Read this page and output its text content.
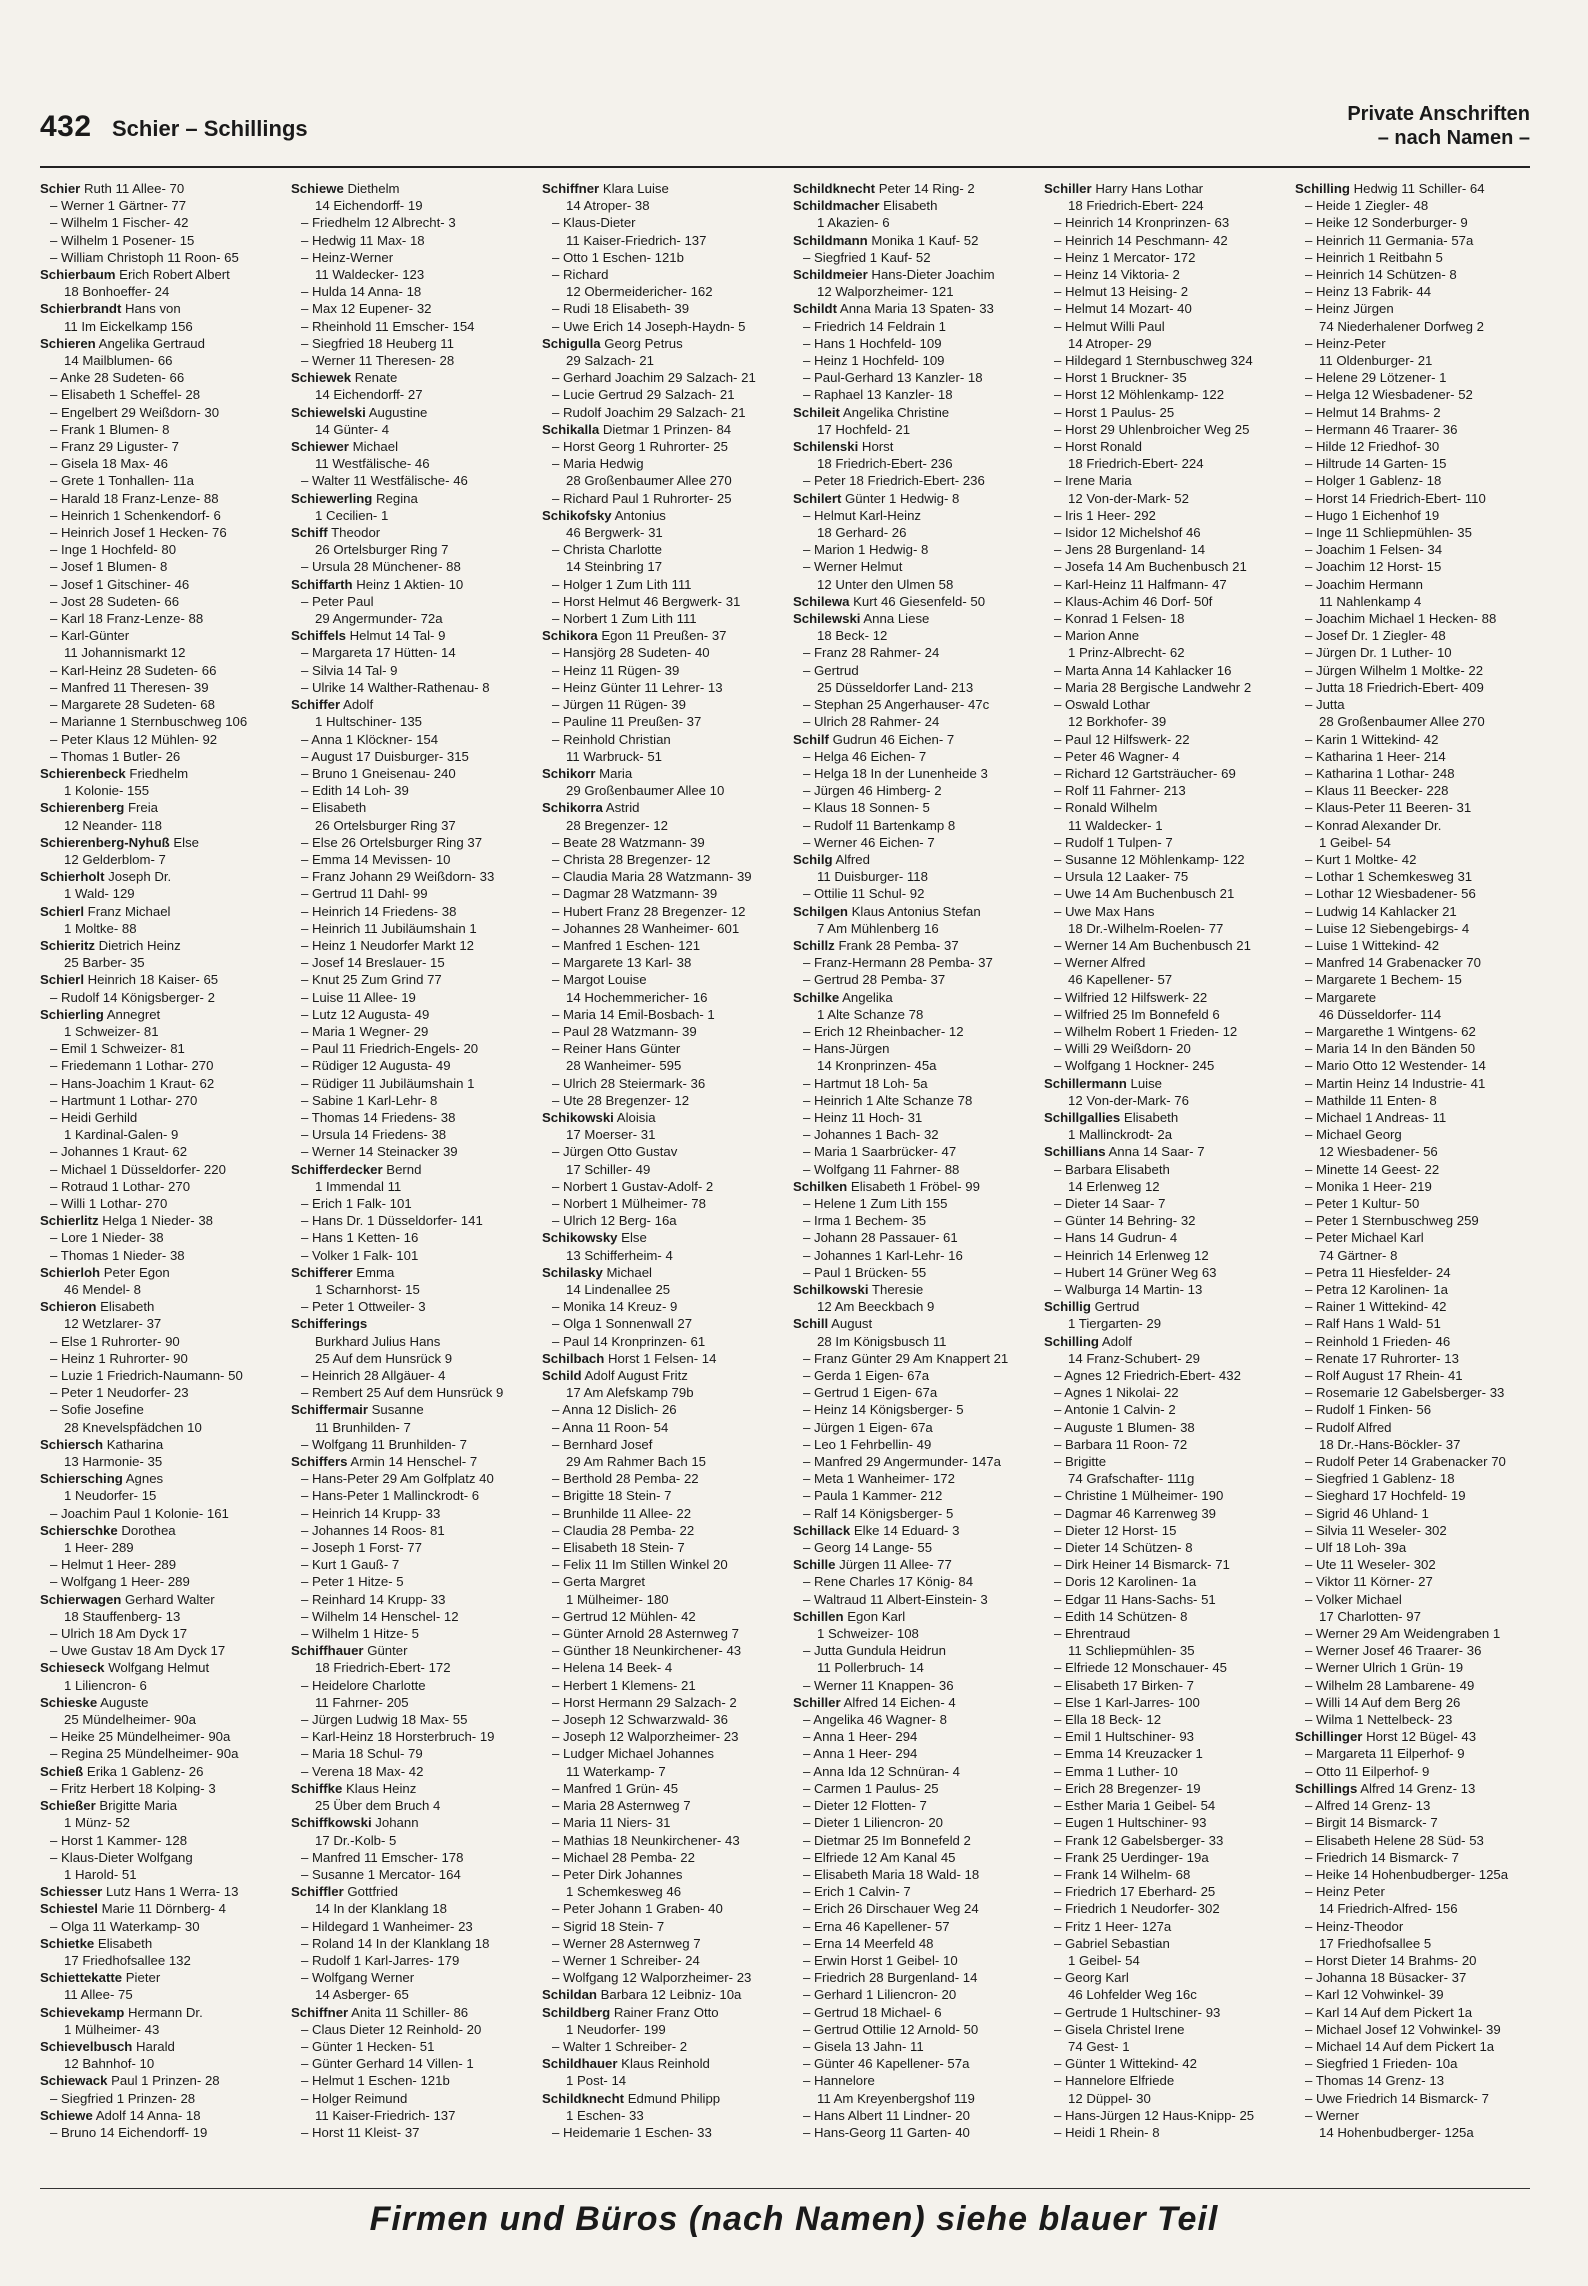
432 Schier – Schillings
Private Anschriften
– nach Namen –
Schier Ruth 11 Allee- 70
– Werner 1 Gärtner- 77
– Wilhelm 1 Fischer- 42
– Wilhelm 1 Posener- 15
– William Christoph 11 Roon- 65
Schierbaum Erich Robert Albert
18 Bonhoeffer- 24
Schierbrandt Hans von
11 Im Eickelkamp 156
Schieren Angelika Gertraud
14 Mailblumen- 66
– Anke 28 Sudeten- 66
– Elisabeth 1 Scheffel- 28
– Engelbert 29 Weißdorn- 30
– Frank 1 Blumen- 8
– Franz 29 Liguster- 7
– Gisela 18 Max- 46
– Grete 1 Tonhallen- 11a
– Harald 18 Franz-Lenze- 88
– Heinrich 1 Schenkendorf- 6
– Heinrich Josef 1 Hecken- 76
– Inge 1 Hochfeld- 80
– Josef 1 Blumen- 8
– Josef 1 Gitschiner- 46
– Jost 28 Sudeten- 66
– Karl 18 Franz-Lenze- 88
– Karl-Günter
11 Johannismarkt 12
– Karl-Heinz 28 Sudeten- 66
– Manfred 11 Theresen- 39
– Margarete 28 Sudeten- 68
– Marianne 1 Sternbuschweg 106
– Peter Klaus 12 Mühlen- 92
– Thomas 1 Butler- 26
Schierenbeck Friedhelm
1 Kolonie- 155
Schierenberg Freia
12 Neander- 118
Schierenberg-Nyhuß Else
12 Gelderblom- 7
Schierholt Joseph Dr.
1 Wald- 129
Schierl Franz Michael
1 Moltke- 88
Schieritz Dietrich Heinz
25 Barber- 35
Schierl Heinrich 18 Kaiser- 65
– Rudolf 14 Königsberger- 2
Schierling Annegret
1 Schweizer- 81
– Emil 1 Schweizer- 81
– Friedemann 1 Lothar- 270
– Hans-Joachim 1 Kraut- 62
– Hartmunt 1 Lothar- 270
– Heidi Gerhild
1 Kardinal-Galen- 9
– Johannes 1 Kraut- 62
– Michael 1 Düsseldorfer- 220
– Rotraud 1 Lothar- 270
– Willi 1 Lothar- 270
Schierlitz Helga 1 Nieder- 38
– Lore 1 Nieder- 38
– Thomas 1 Nieder- 38
Schierloh Peter Egon
46 Mendel- 8
Schieron Elisabeth
12 Wetzlarer- 37
– Else 1 Ruhrorter- 90
– Heinz 1 Ruhrorter- 90
– Luzie 1 Friedrich-Naumann- 50
– Peter 1 Neudorfer- 23
– Sofie Josefine
28 Knevelspfädchen 10
Schiersch Katharina
13 Harmonie- 35
Schiersching Agnes
1 Neudorfer- 15
– Joachim Paul 1 Kolonie- 161
Schierschke Dorothea
1 Heer- 289
– Helmut 1 Heer- 289
– Wolfgang 1 Heer- 289
Schierwagen Gerhard Walter
18 Stauffenberg- 13
– Ulrich 18 Am Dyck 17
– Uwe Gustav 18 Am Dyck 17
Schieseck Wolfgang Helmut
1 Liliencron- 6
Schieske Auguste
25 Mündelheimer- 90a
– Heike 25 Mündelheimer- 90a
– Regina 25 Mündelheimer- 90a
Schieß Erika 1 Gablenz- 26
– Fritz Herbert 18 Kolping- 3
Schießer Brigitte Maria
1 Münz- 52
– Horst 1 Kammer- 128
– Klaus-Dieter Wolfgang
1 Harold- 51
Schiesser Lutz Hans 1 Werra- 13
Schiestel Marie 11 Dörnberg- 4
– Olga 11 Waterkamp- 30
Schietke Elisabeth
17 Friedhofsallee 132
Schiettekatte Pieter
11 Allee- 75
Schievekamp Hermann Dr.
1 Mülheimer- 43
Schievelbusch Harald
12 Bahnhof- 10
Schiewack Paul 1 Prinzen- 28
– Siegfried 1 Prinzen- 28
Schiewe Adolf 14 Anna- 18
– Bruno 14 Eichendorff- 19
Schiewe Diethelm
14 Eichendorff- 19
– Friedhelm 12 Albrecht- 3
– Hedwig 11 Max- 18
– Heinz-Werner
11 Waldecker- 123
– Hulda 14 Anna- 18
– Max 12 Eupener- 32
– Rheinhold 11 Emscher- 154
– Siegfried 18 Heuberg 11
– Werner 11 Theresen- 28
Schiewek Renate
14 Eichendorff- 27
Schiewelski Augustine
14 Günter- 4
Schiewer Michael
11 Westfälische- 46
– Walter 11 Westfälische- 46
Schiewerling Regina
1 Cecilien- 1
Schiff Theodor
26 Ortelsburger Ring 7
– Ursula 28 Münchener- 88
Schiffarth Heinz 1 Aktien- 10
– Peter Paul
29 Angermunder- 72a
Schiffels Helmut 14 Tal- 9
– Margareta 17 Hütten- 14
– Silvia 14 Tal- 9
– Ulrike 14 Walther-Rathenau- 8
Schiffer Adolf
1 Hultschiner- 135
– Anna 1 Klöckner- 154
– August 17 Duisburger- 315
– Bruno 1 Gneisenau- 240
– Edith 14 Loh- 39
– Elisabeth
26 Ortelsburger Ring 37
– Else 26 Ortelsburger Ring 37
– Emma 14 Mevissen- 10
– Franz Johann 29 Weißdorn- 33
– Gertrud 11 Dahl- 99
– Heinrich 14 Friedens- 38
– Heinrich 11 Jubiläumshain 1
– Heinz 1 Neudorfer Markt 12
– Josef 14 Breslauer- 15
– Knut 25 Zum Grind 77
– Luise 11 Allee- 19
– Lutz 12 Augusta- 49
– Maria 1 Wegner- 29
– Paul 11 Friedrich-Engels- 20
– Rüdiger 12 Augusta- 49
– Rüdiger 11 Jubiläumshain 1
– Sabine 1 Karl-Lehr- 8
– Thomas 14 Friedens- 38
– Ursula 14 Friedens- 38
– Werner 14 Steinacker 39
Schifferdecker Bernd
1 Immendal 11
– Erich 1 Falk- 101
– Hans Dr. 1 Düsseldorfer- 141
– Hans 1 Ketten- 16
– Volker 1 Falk- 101
Schifferer Emma
1 Scharnhorst- 15
– Peter 1 Ottweiler- 3
Schifferings
Burkhard Julius Hans
25 Auf dem Hunsrück 9
– Heinrich 28 Allgäuer- 4
– Rembert 25 Auf dem Hunsrück 9
Schiffermair Susanne
11 Brunhilden- 7
– Wolfgang 11 Brunhilden- 7
Schiffers Armin 14 Henschel- 7
– Hans-Peter 29 Am Golfplatz 40
– Hans-Peter 1 Mallinckrodt- 6
– Heinrich 14 Krupp- 33
– Johannes 14 Roos- 81
– Joseph 1 Forst- 77
– Kurt 1 Gauß- 7
– Peter 1 Hitze- 5
– Reinhard 14 Krupp- 33
– Wilhelm 14 Henschel- 12
– Wilhelm 1 Hitze- 5
Schiffhauer Günter
18 Friedrich-Ebert- 172
– Heidelore Charlotte
11 Fahrner- 205
– Jürgen Ludwig 18 Max- 55
– Karl-Heinz 18 Horsterbruch- 19
– Maria 18 Schul- 79
– Verena 18 Max- 42
Schiffke Klaus Heinz
25 Über dem Bruch 4
Schiffkowski Johann
17 Dr.-Kolb- 5
– Manfred 11 Emscher- 178
– Susanne 1 Mercator- 164
Schiffler Gottfried
14 In der Klanklang 18
– Hildegard 1 Wanheimer- 23
– Roland 14 In der Klanklang 18
– Rudolf 1 Karl-Jarres- 179
– Wolfgang Werner
14 Asberger- 65
Schiffner Anita 11 Schiller- 86
– Claus Dieter 12 Reinhold- 20
– Günter 1 Hecken- 51
– Günter Gerhard 14 Villen- 1
– Helmut 1 Eschen- 121b
– Holger Reimund
11 Kaiser-Friedrich- 137
– Horst 11 Kleist- 37
Schiffner Klara Luise
14 Atroper- 38
– Klaus-Dieter
11 Kaiser-Friedrich- 137
– Otto 1 Eschen- 121b
– Richard
12 Obermeidericher- 162
– Rudi 18 Elisabeth- 39
– Uwe Erich 14 Joseph-Haydn- 5
Schigulla Georg Petrus
29 Salzach- 21
– Gerhard Joachim 29 Salzach- 21
– Lucie Gertrud 29 Salzach- 21
– Rudolf Joachim 29 Salzach- 21
Schikalla Dietmar 1 Prinzen- 84
– Horst Georg 1 Ruhrorter- 25
– Maria Hedwig
28 Großenbaumer Allee 270
– Richard Paul 1 Ruhrorter- 25
Schikofsky Antonius
46 Bergwerk- 31
– Christa Charlotte
14 Steinbring 17
– Holger 1 Zum Lith 111
– Horst Helmut 46 Bergwerk- 31
– Norbert 1 Zum Lith 111
Schikora Egon 11 Preußen- 37
– Hansjörg 28 Sudeten- 40
– Heinz 11 Rügen- 39
– Heinz Günter 11 Lehrer- 13
– Jürgen 11 Rügen- 39
– Pauline 11 Preußen- 37
– Reinhold Christian
11 Warbruck- 51
Schikorr Maria
29 Großenbaumer Allee 10
Schikorra Astrid
28 Bregenzer- 12
– Beate 28 Watzmann- 39
– Christa 28 Bregenzer- 12
– Claudia Maria 28 Watzmann- 39
– Dagmar 28 Watzmann- 39
– Hubert Franz 28 Bregenzer- 12
– Johannes 28 Wanheimer- 601
– Manfred 1 Eschen- 121
– Margarete 13 Karl- 38
– Margot Louise
14 Hochemmericher- 16
– Maria 14 Emil-Bosbach- 1
– Paul 28 Watzmann- 39
– Reiner Hans Günter
28 Wanheimer- 595
– Ulrich 28 Steiermark- 36
– Ute 28 Bregenzer- 12
Schikowski Aloisia
17 Moerser- 31
– Jürgen Otto Gustav
17 Schiller- 49
– Norbert 1 Gustav-Adolf- 2
– Norbert 1 Mülheimer- 78
– Ulrich 12 Berg- 16a
Schikowsky Else
13 Schifferheim- 4
Schilasky Michael
14 Lindenallee 25
– Monika 14 Kreuz- 9
– Olga 1 Sonnenwall 27
– Paul 14 Kronprinzen- 61
Schilbach Horst 1 Felsen- 14
Schild Adolf August Fritz
17 Am Alefskamp 79b
– Anna 12 Dislich- 26
– Anna 11 Roon- 54
– Bernhard Josef
29 Am Rahmer Bach 15
– Berthold 28 Pemba- 22
– Brigitte 18 Stein- 7
– Brunhilde 11 Allee- 22
– Claudia 28 Pemba- 22
– Elisabeth 18 Stein- 7
– Felix 11 Im Stillen Winkel 20
– Gerta Margret
1 Mülheimer- 180
– Gertrud 12 Mühlen- 42
– Günter Arnold 28 Asternweg 7
– Günther 18 Neunkirchener- 43
– Helena 14 Beek- 4
– Herbert 1 Klemens- 21
– Horst Hermann 29 Salzach- 2
– Joseph 12 Schwarzwald- 36
– Joseph 12 Walporzheimer- 23
– Ludger Michael Johannes
11 Waterkamp- 7
– Manfred 1 Grün- 45
– Maria 28 Asternweg 7
– Maria 11 Niers- 31
– Mathias 18 Neunkirchener- 43
– Michael 28 Pemba- 22
– Peter Dirk Johannes
1 Schemkesweg 46
– Peter Johann 1 Graben- 40
– Sigrid 18 Stein- 7
– Werner 28 Asternweg 7
– Werner 1 Schreiber- 24
– Wolfgang 12 Walporzheimer- 23
Schildan Barbara 12 Leibniz- 10a
Schildberg Rainer Franz Otto
1 Neudorfer- 199
– Walter 1 Schreiber- 2
Schildhauer Klaus Reinhold
1 Post- 14
Schildknecht Edmund Philipp
1 Eschen- 33
– Heidemarie 1 Eschen- 33
Schildknecht Peter 14 Ring- 2
Schildmacher Elisabeth
1 Akazien- 6
Schildmann Monika 1 Kauf- 52
– Siegfried 1 Kauf- 52
Schildmeier Hans-Dieter Joachim
12 Walporzheimer- 121
Schildt Anna Maria 13 Spaten- 33
– Friedrich 14 Feldrain 1
– Hans 1 Hochfeld- 109
– Heinz 1 Hochfeld- 109
– Paul-Gerhard 13 Kanzler- 18
– Raphael 13 Kanzler- 18
Schileit Angelika Christine
17 Hochfeld- 21
Schilenski Horst
18 Friedrich-Ebert- 236
– Peter 18 Friedrich-Ebert- 236
Schilert Günter 1 Hedwig- 8
– Helmut Karl-Heinz
18 Gerhard- 26
– Marion 1 Hedwig- 8
– Werner Helmut
12 Unter den Ulmen 58
Schilewa Kurt 46 Giesenfeld- 50
Schilewski Anna Liese
18 Beck- 12
– Franz 28 Rahmer- 24
– Gertrud
25 Düsseldorfer Land- 213
– Stephan 25 Angerhauser- 47c
– Ulrich 28 Rahmer- 24
Schilf Gudrun 46 Eichen- 7
– Helga 46 Eichen- 7
– Helga 18 In der Lunenheide 3
– Jürgen 46 Himberg- 2
– Klaus 18 Sonnen- 5
– Rudolf 11 Bartenkamp 8
– Werner 46 Eichen- 7
Schilg Alfred
11 Duisburger- 118
– Ottilie 11 Schul- 92
Schilgen Klaus Antonius Stefan
7 Am Mühlenberg 16
Schillz Frank 28 Pemba- 37
– Franz-Hermann 28 Pemba- 37
– Gertrud 28 Pemba- 37
Schilke Angelika
1 Alte Schanze 78
– Erich 12 Rheinbacher- 12
– Hans-Jürgen
14 Kronprinzen- 45a
– Hartmut 18 Loh- 5a
– Heinrich 1 Alte Schanze 78
– Heinz 11 Hoch- 31
– Johannes 1 Bach- 32
– Maria 1 Saarbrücker- 47
– Wolfgang 11 Fahrner- 88
Schilken Elisabeth 1 Fröbel- 99
– Helene 1 Zum Lith 155
– Irma 1 Bechem- 35
– Johann 28 Passauer- 61
– Johannes 1 Karl-Lehr- 16
– Paul 1 Brücken- 55
Schilkowski Theresie
12 Am Beeckbach 9
Schill August
28 Im Königsbusch 11
– Franz Günter 29 Am Knappert 21
– Gerda 1 Eigen- 67a
– Gertrud 1 Eigen- 67a
– Heinz 14 Königsberger- 5
– Jürgen 1 Eigen- 67a
– Leo 1 Fehrbellin- 49
– Manfred 29 Angermunder- 147a
– Meta 1 Wanheimer- 172
– Paula 1 Kammer- 212
– Ralf 14 Königsberger- 5
Schillack Elke 14 Eduard- 3
– Georg 14 Lange- 55
Schille Jürgen 11 Allee- 77
– Rene Charles 17 König- 84
– Waltraud 11 Albert-Einstein- 3
Schillen Egon Karl
1 Schweizer- 108
– Jutta Gundula Heidrun
11 Pollerbruch- 14
– Werner 11 Knappen- 36
Schiller Alfred 14 Eichen- 4
– Angelika 46 Wagner- 8
– Anna 1 Heer- 294
– Anna 1 Heer- 294
– Anna Ida 12 Schnüran- 4
– Carmen 1 Paulus- 25
– Dieter 12 Flotten- 7
– Dieter 1 Liliencron- 20
– Dietmar 25 Im Bonnefeld 2
– Elfriede 12 Am Kanal 45
– Elisabeth Maria 18 Wald- 18
– Erich 1 Calvin- 7
– Erich 26 Dirschauer Weg 24
– Erna 46 Kapellener- 57
– Erna 14 Meerfeld 48
– Erwin Horst 1 Geibel- 10
– Friedrich 28 Burgenland- 14
– Gerhard 1 Liliencron- 20
– Gertrud 18 Michael- 6
– Gertrud Ottilie 12 Arnold- 50
– Gisela 13 Jahn- 11
– Günter 46 Kapellener- 57a
– Hannelore
11 Am Kreyenbergshof 119
– Hans Albert 11 Lindner- 20
– Hans-Georg 11 Garten- 40
Schiller Harry Hans Lothar
18 Friedrich-Ebert- 224
– Heinrich 14 Kronprinzen- 63
– Heinrich 14 Peschmann- 42
– Heinz 1 Mercator- 172
– Heinz 14 Viktoria- 2
– Helmut 13 Heising- 2
– Helmut 14 Mozart- 40
– Helmut Willi Paul
14 Atroper- 29
– Hildegard 1 Sternbuschweg 324
– Horst 1 Bruckner- 35
– Horst 12 Möhlenkamp- 122
– Horst 1 Paulus- 25
– Horst 29 Uhlenbroicher Weg 25
– Horst Ronald
18 Friedrich-Ebert- 224
– Irene Maria
12 Von-der-Mark- 52
– Iris 1 Heer- 292
– Isidor 12 Michelshof 46
– Jens 28 Burgenland- 14
– Josefa 14 Am Buchenbusch 21
– Karl-Heinz 11 Halfmann- 47
– Klaus-Achim 46 Dorf- 50f
– Konrad 1 Felsen- 18
– Marion Anne
1 Prinz-Albrecht- 62
– Marta Anna 14 Kahlacker 16
– Maria 28 Bergische Landwehr 2
– Oswald Lothar
12 Borkhofer- 39
– Paul 12 Hilfswerk- 22
– Peter 46 Wagner- 4
– Richard 12 Gartsträucher- 69
– Rolf 11 Fahrner- 213
– Ronald Wilhelm
11 Waldecker- 1
– Rudolf 1 Tulpen- 7
– Susanne 12 Möhlenkamp- 122
– Ursula 12 Laaker- 75
– Uwe 14 Am Buchenbusch 21
– Uwe Max Hans
18 Dr.-Wilhelm-Roelen- 77
– Werner 14 Am Buchenbusch 21
– Werner Alfred
46 Kapellener- 57
– Wilfried 12 Hilfswerk- 22
– Wilfried 25 Im Bonnefeld 6
– Wilhelm Robert 1 Frieden- 12
– Willi 29 Weißdorn- 20
– Wolfgang 1 Hockner- 245
Schillermann Luise
12 Von-der-Mark- 76
Schillgallies Elisabeth
1 Mallinckrodt- 2a
Schillians Anna 14 Saar- 7
– Barbara Elisabeth
14 Erlenweg 12
– Dieter 14 Saar- 7
– Günter 14 Behring- 32
– Hans 14 Gudrun- 4
– Heinrich 14 Erlenweg 12
– Hubert 14 Grüner Weg 63
– Walburga 14 Martin- 13
Schillig Gertrud
1 Tiergarten- 29
Schilling Adolf
14 Franz-Schubert- 29
– Agnes 12 Friedrich-Ebert- 432
– Agnes 1 Nikolai- 22
– Antonie 1 Calvin- 2
– Auguste 1 Blumen- 38
– Barbara 11 Roon- 72
– Brigitte
74 Grafschafter- 111g
– Christine 1 Mülheimer- 190
– Dagmar 46 Karrenweg 39
– Dieter 12 Horst- 15
– Dieter 14 Schützen- 8
– Dirk Heiner 14 Bismarck- 71
– Doris 12 Karolinen- 1a
– Edgar 11 Hans-Sachs- 51
– Edith 14 Schützen- 8
– Ehrentraud
11 Schliepmühlen- 35
– Elfriede 12 Monschauer- 45
– Elisabeth 17 Birken- 7
– Else 1 Karl-Jarres- 100
– Ella 18 Beck- 12
– Emil 1 Hultschiner- 93
– Emma 14 Kreuzacker 1
– Emma 1 Luther- 10
– Erich 28 Bregenzer- 19
– Esther Maria 1 Geibel- 54
– Eugen 1 Hultschiner- 93
– Frank 12 Gabelsberger- 33
– Frank 25 Uerdinger- 19a
– Frank 14 Wilhelm- 68
– Friedrich 17 Eberhard- 25
– Friedrich 1 Neudorfer- 302
– Fritz 1 Heer- 127a
– Gabriel Sebastian
1 Geibel- 54
– Georg Karl
46 Lohfelder Weg 16c
– Gertrude 1 Hultschiner- 93
– Gisela Christel Irene
74 Gest- 1
– Günter 1 Wittekind- 42
– Hannelore Elfriede
12 Düppel- 30
– Hans-Jürgen 12 Haus-Knipp- 25
– Heidi 1 Rhein- 8
Schilling Hedwig 11 Schiller- 64
– Heide 1 Ziegler- 48
– Heike 12 Sonderburger- 9
– Heinrich 11 Germania- 57a
– Heinrich 1 Reitbahn 5
– Heinrich 14 Schützen- 8
– Heinz 13 Fabrik- 44
– Heinz Jürgen
74 Niederhalener Dorfweg 2
– Heinz-Peter
11 Oldenburger- 21
– Helene 29 Lötzener- 1
– Helga 12 Wiesbadener- 52
– Helmut 14 Brahms- 2
– Hermann 46 Traarer- 36
– Hilde 12 Friedhof- 30
– Hiltrude 14 Garten- 15
– Holger 1 Gablenz- 18
– Horst 14 Friedrich-Ebert- 110
– Hugo 1 Eichenhof 19
– Inge 11 Schliepmühlen- 35
– Joachim 1 Felsen- 34
– Joachim 12 Horst- 15
– Joachim Hermann
11 Nahlenkamp 4
– Joachim Michael 1 Hecken- 88
– Josef Dr. 1 Ziegler- 48
– Jürgen Dr. 1 Luther- 10
– Jürgen Wilhelm 1 Moltke- 22
– Jutta 18 Friedrich-Ebert- 409
– Jutta
28 Großenbaumer Allee 270
– Karin 1 Wittekind- 42
– Katharina 1 Heer- 214
– Katharina 1 Lothar- 248
– Klaus 11 Beecker- 228
– Klaus-Peter 11 Beeren- 31
– Konrad Alexander Dr.
1 Geibel- 54
– Kurt 1 Moltke- 42
– Lothar 1 Schemkesweg 31
– Lothar 12 Wiesbadener- 56
– Ludwig 14 Kahlacker 21
– Luise 12 Siebengebirgs- 4
– Luise 1 Wittekind- 42
– Manfred 14 Grabenacker 70
– Margarete 1 Bechem- 15
– Margarete
46 Düsseldorfer- 114
– Margarethe 1 Wintgens- 62
– Maria 14 In den Bänden 50
– Mario Otto 12 Westender- 14
– Martin Heinz 14 Industrie- 41
– Mathilde 11 Enten- 8
– Michael 1 Andreas- 11
– Michael Georg
12 Wiesbadener- 56
– Minette 14 Geest- 22
– Monika 1 Heer- 219
– Peter 1 Kultur- 50
– Peter 1 Sternbuschweg 259
– Peter Michael Karl
74 Gärtner- 8
– Petra 11 Hiesfelder- 24
– Petra 12 Karolinen- 1a
– Rainer 1 Wittekind- 42
– Ralf Hans 1 Wald- 51
– Reinhold 1 Frieden- 46
– Renate 17 Ruhrorter- 13
– Rolf August 17 Rhein- 41
– Rosemarie 12 Gabelsberger- 33
– Rudolf 1 Finken- 56
– Rudolf Alfred
18 Dr.-Hans-Böckler- 37
– Rudolf Peter 14 Grabenacker 70
– Siegfried 1 Gablenz- 18
– Sieghard 17 Hochfeld- 19
– Sigrid 46 Uhland- 1
– Silvia 11 Weseler- 302
– Ulf 18 Loh- 39a
– Ute 11 Weseler- 302
– Viktor 11 Körner- 27
– Volker Michael
17 Charlotten- 97
– Werner 29 Am Weidengraben 1
– Werner Josef 46 Traarer- 36
– Werner Ulrich 1 Grün- 19
– Wilhelm 28 Lambarene- 49
– Willi 14 Auf dem Berg 26
– Wilma 1 Nettelbeck- 23
Schillinger Horst 12 Bügel- 43
– Margareta 11 Eilperhof- 9
– Otto 11 Eilperhof- 9
Schillings Alfred 14 Grenz- 13
– Alfred 14 Grenz- 13
– Birgit 14 Bismarck- 7
– Elisabeth Helene 28 Süd- 53
– Friedrich 14 Bismarck- 7
– Heike 14 Hohenbudberger- 125a
– Heinz Peter
14 Friedrich-Alfred- 156
– Heinz-Theodor
17 Friedhofsallee 5
– Horst Dieter 14 Brahms- 20
– Johanna 18 Büsacker- 37
– Karl 12 Vohwinkel- 39
– Karl 14 Auf dem Pickert 1a
– Michael Josef 12 Vohwinkel- 39
– Michael 14 Auf dem Pickert 1a
– Siegfried 1 Frieden- 10a
– Thomas 14 Grenz- 13
– Uwe Friedrich 14 Bismarck- 7
– Werner
14 Hohenbudberger- 125a
Firmen und Büros (nach Namen) siehe blauer Teil
